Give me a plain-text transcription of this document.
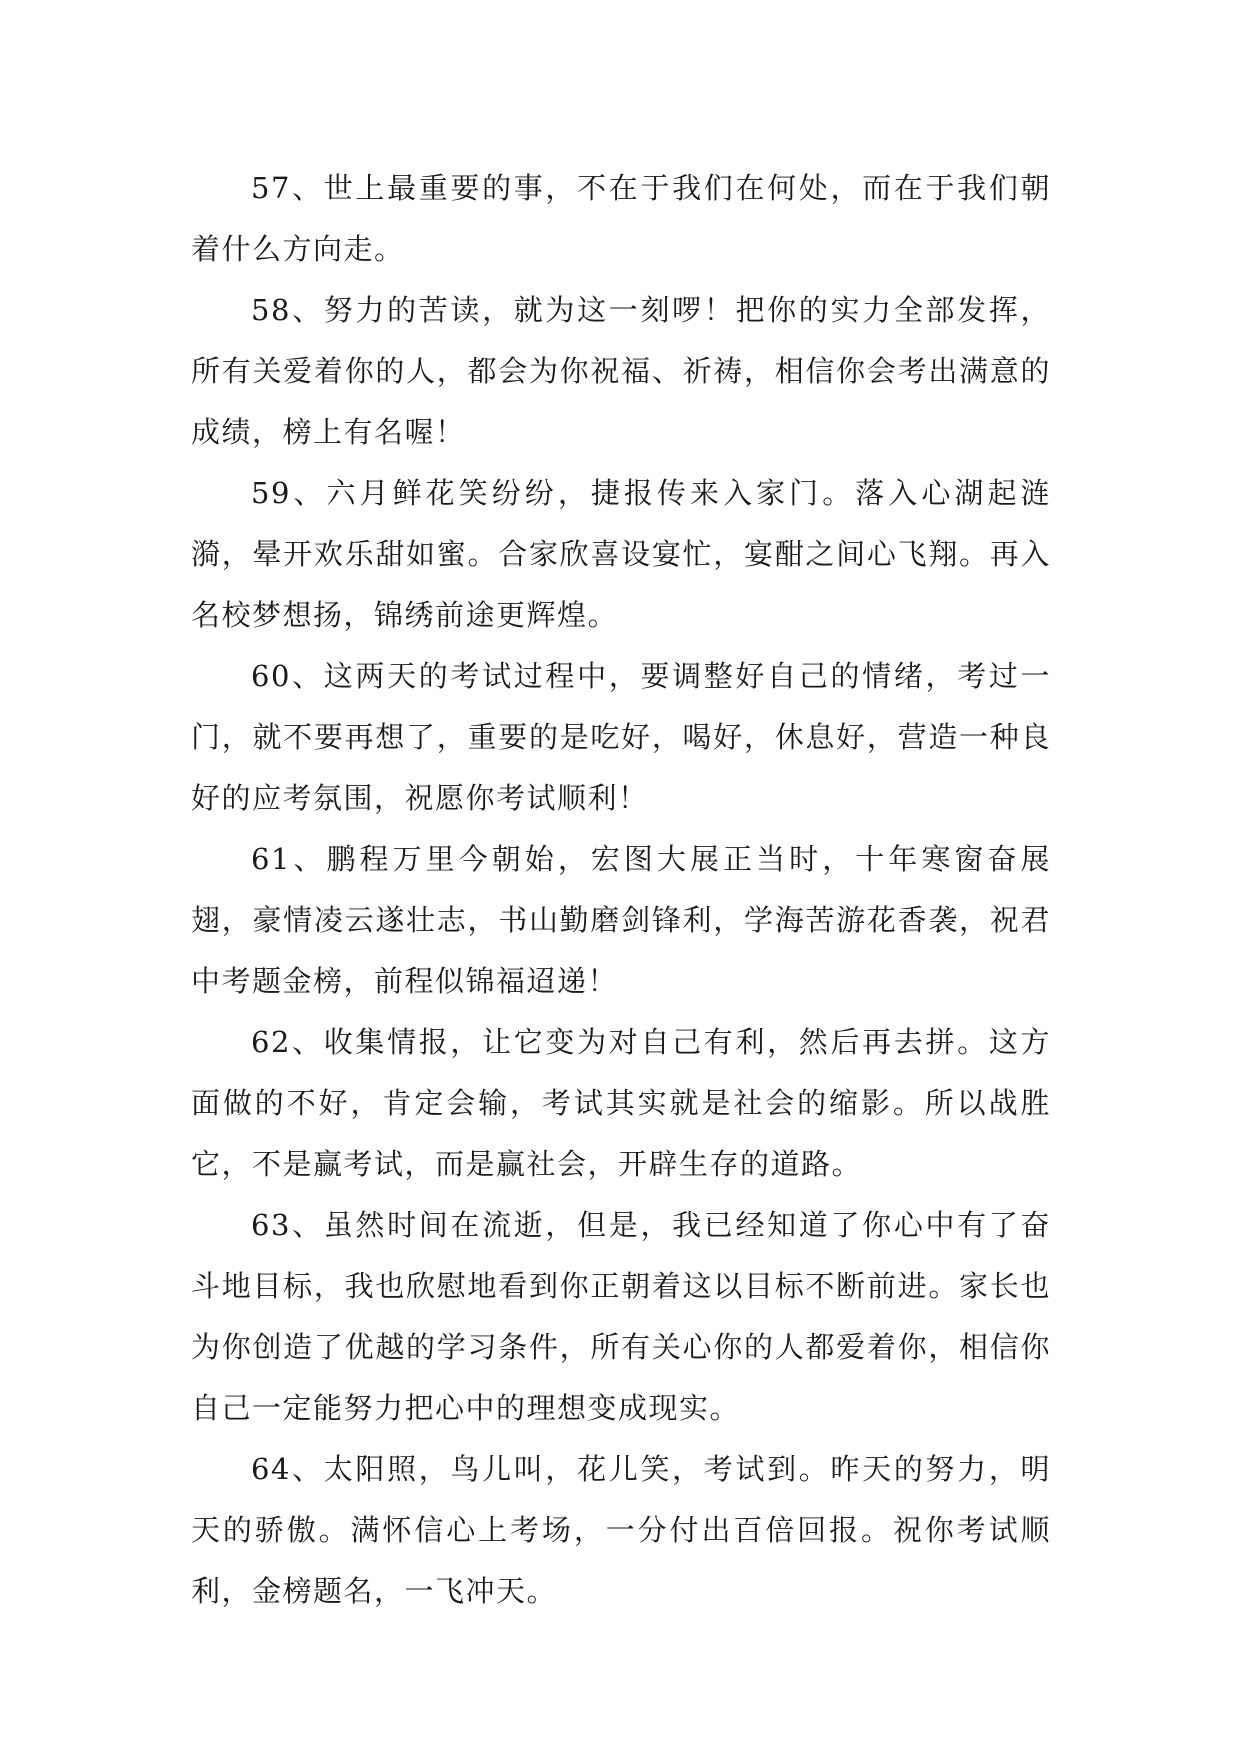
57、世上最重要的事，不在于我们在何处，而在于我们朝着什么方向走。

58、努力的苦读，就为这一刻啰！把你的实力全部发挥，所有关爱着你的人，都会为你祝福、祈祷，相信你会考出满意的成绩，榜上有名喔！

59、六月鲜花笑纷纷，捷报传来入家门。落入心湖起涟漪，晕开欢乐甜如蜜。合家欣喜设宴忙，宴酣之间心飞翔。再入名校梦想扬，锦绣前途更辉煌。

60、这两天的考试过程中，要调整好自己的情绪，考过一门，就不要再想了，重要的是吃好，喝好，休息好，营造一种良好的应考氛围，祝愿你考试顺利！

61、鹏程万里今朝始，宏图大展正当时，十年寒窗奋展翅，豪情凌云遂壮志，书山勤磨剑锋利，学海苦游花香袭，祝君中考题金榜，前程似锦福迢递！

62、收集情报，让它变为对自己有利，然后再去拼。这方面做的不好，肯定会输，考试其实就是社会的缩影。所以战胜它，不是赢考试，而是赢社会，开辟生存的道路。

63、虽然时间在流逝，但是，我已经知道了你心中有了奋斗地目标，我也欣慰地看到你正朝着这以目标不断前进。家长也为你创造了优越的学习条件，所有关心你的人都爱着你，相信你自己一定能努力把心中的理想变成现实。

64、太阳照，鸟儿叫，花儿笑，考试到。昨天的努力，明天的骄傲。满怀信心上考场，一分付出百倍回报。祝你考试顺利，金榜题名，一飞冲天。
